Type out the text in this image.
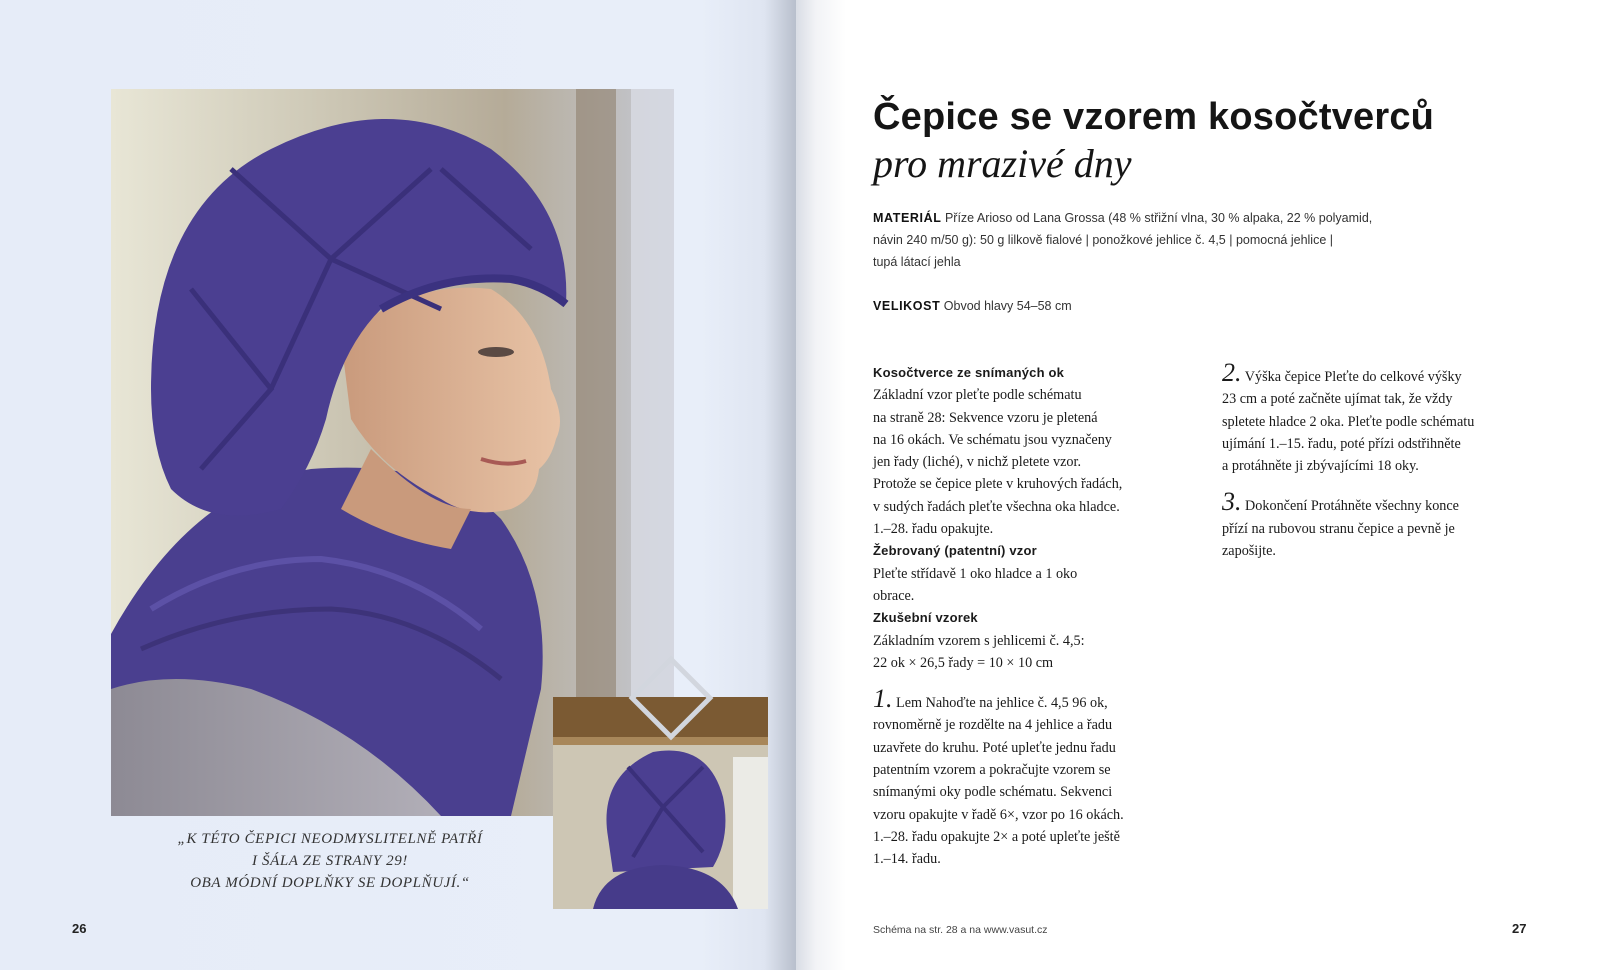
„K TÉTO ČEPICI NEODMYSLITELNĚ PATŘÍ
I ŠÁLA ZE STRANY 29!
OBA MÓDNÍ DOPLŇKY SE DOPLŇUJÍ.“
26	27
Čepice se vzorem kosočtverců
pro mrazivé dny
MATERIÁL Příze Arioso od Lana Grossa (48 % střižní vlna, 30 % alpaka, 22 % polyamid,
návin 240 m/50 g): 50 g lilkově fialové | ponožkové jehlice č. 4,5 | pomocná jehlice |
tupá látací jehla
VELIKOST Obvod hlavy 54–58 cm
Kosočtverce ze snímaných ok
Základní vzor pleťte podle schématu
na straně 28: Sekvence vzoru je pletená
na 16 okách. Ve schématu jsou vyznačeny
jen řady (liché), v nichž pletete vzor.
Protože se čepice plete v kruhových řadách,
v sudých řadách pleťte všechna oka hladce.
1.–28. řadu opakujte.
Žebrovaný (patentní) vzor
Pleťte střídavě 1 oko hladce a 1 oko
obrace.
Zkušební vzorek
Základním vzorem s jehlicemi č. 4,5:
22 ok × 26,5 řady = 10 × 10 cm
1. Lem Nahoďte na jehlice č. 4,5 96 ok,
rovnoměrně je rozdělte na 4 jehlice a řadu
uzavřete do kruhu. Poté upleťte jednu řadu
patentním vzorem a pokračujte vzorem se
snímanými oky podle schématu. Sekvenci
vzoru opakujte v řadě 6×, vzor po 16 okách.
1.–28. řadu opakujte 2× a poté upleťte ještě
1.–14. řadu.
2. Výška čepice Pleťte do celkové výšky
23 cm a poté začněte ujímat tak, že vždy
spletete hladce 2 oka. Pleťte podle schématu
ujímání 1.–15. řadu, poté přízi odstřihněte
a protáhněte ji zbývajícími 18 oky.
3. Dokončení Protáhněte všechny konce
přízí na rubovou stranu čepice a pevně je
zapošijte.
Schéma na str. 28 a na www.vasut.cz
